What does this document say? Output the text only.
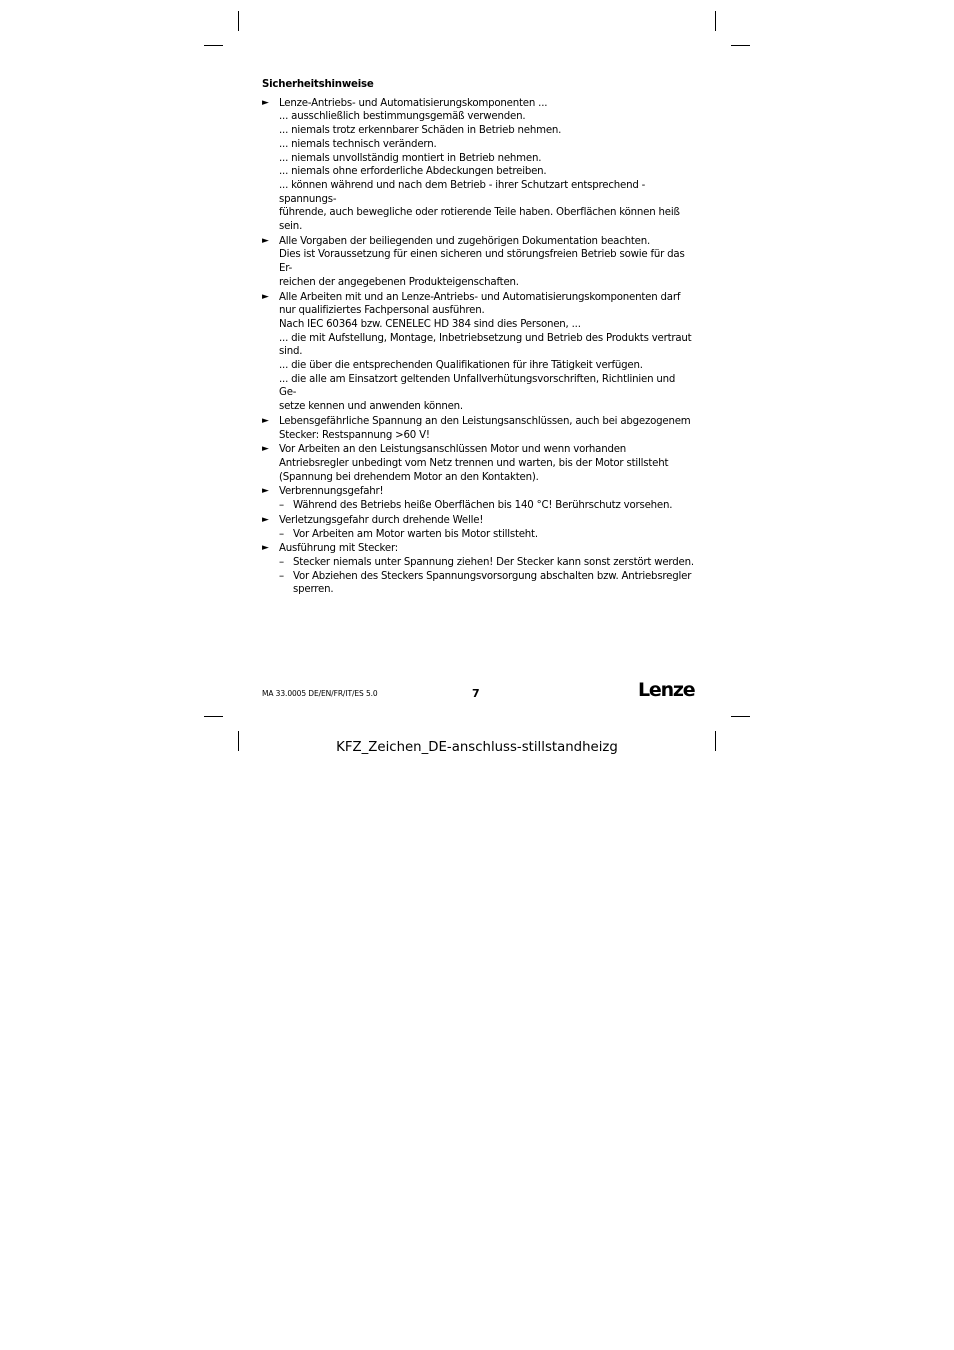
Sicherheitshinweise
► Lenze-Antriebs- und Automatisierungskomponenten ...
... ausschließlich bestimmungsgemäß verwenden.
... niemals trotz erkennbarer Schäden in Betrieb nehmen.
... niemals technisch verändern.
... niemals unvollständig montiert in Betrieb nehmen.
... niemals ohne erforderliche Abdeckungen betreiben.
... können während und nach dem Betrieb - ihrer Schutzart entsprechend - spannungs-
führende, auch bewegliche oder rotierende Teile haben. Oberflächen können heiß sein.
► Alle Vorgaben der beiliegenden und zugehörigen Dokumentation beachten.
Dies ist Voraussetzung für einen sicheren und störungsfreien Betrieb sowie für das Er-
reichen der angegebenen Produkteigenschaften.
► Alle Arbeiten mit und an Lenze-Antriebs- und Automatisierungskomponenten darf
nur qualifiziertes Fachpersonal ausführen.
Nach IEC 60364 bzw. CENELEC HD 384 sind dies Personen, ...
... die mit Aufstellung, Montage, Inbetriebsetzung und Betrieb des Produkts vertraut
sind.
... die über die entsprechenden Qualifikationen für ihre Tätigkeit verfügen.
... die alle am Einsatzort geltenden Unfallverhütungsvorschriften, Richtlinien und Ge-
setze kennen und anwenden können.
► Lebensgefährliche Spannung an den Leistungsanschlüssen, auch bei abgezogenem
Stecker: Restspannung >60 V!
► Vor Arbeiten an den Leistungsanschlüssen Motor und wenn vorhanden
Antriebsregler unbedingt vom Netz trennen und warten, bis der Motor stillsteht
(Spannung bei drehendem Motor an den Kontakten).
► Verbrennungsgefahr!
– Während des Betriebs heiße Oberflächen bis 140 °C! Berührschutz vorsehen.
► Verletzungsgefahr durch drehende Welle!
– Vor Arbeiten am Motor warten bis Motor stillsteht.
► Ausführung mit Stecker:
– Stecker niemals unter Spannung ziehen! Der Stecker kann sonst zerstört werden.
– Vor Abziehen des Steckers Spannungsvorsorgung abschalten bzw. Antriebsregler
sperren.
MA 33.0005 DE/EN/FR/IT/ES 5.0	7	Lenze
KFZ_Zeichen_DE-anschluss-stillstandheizg
